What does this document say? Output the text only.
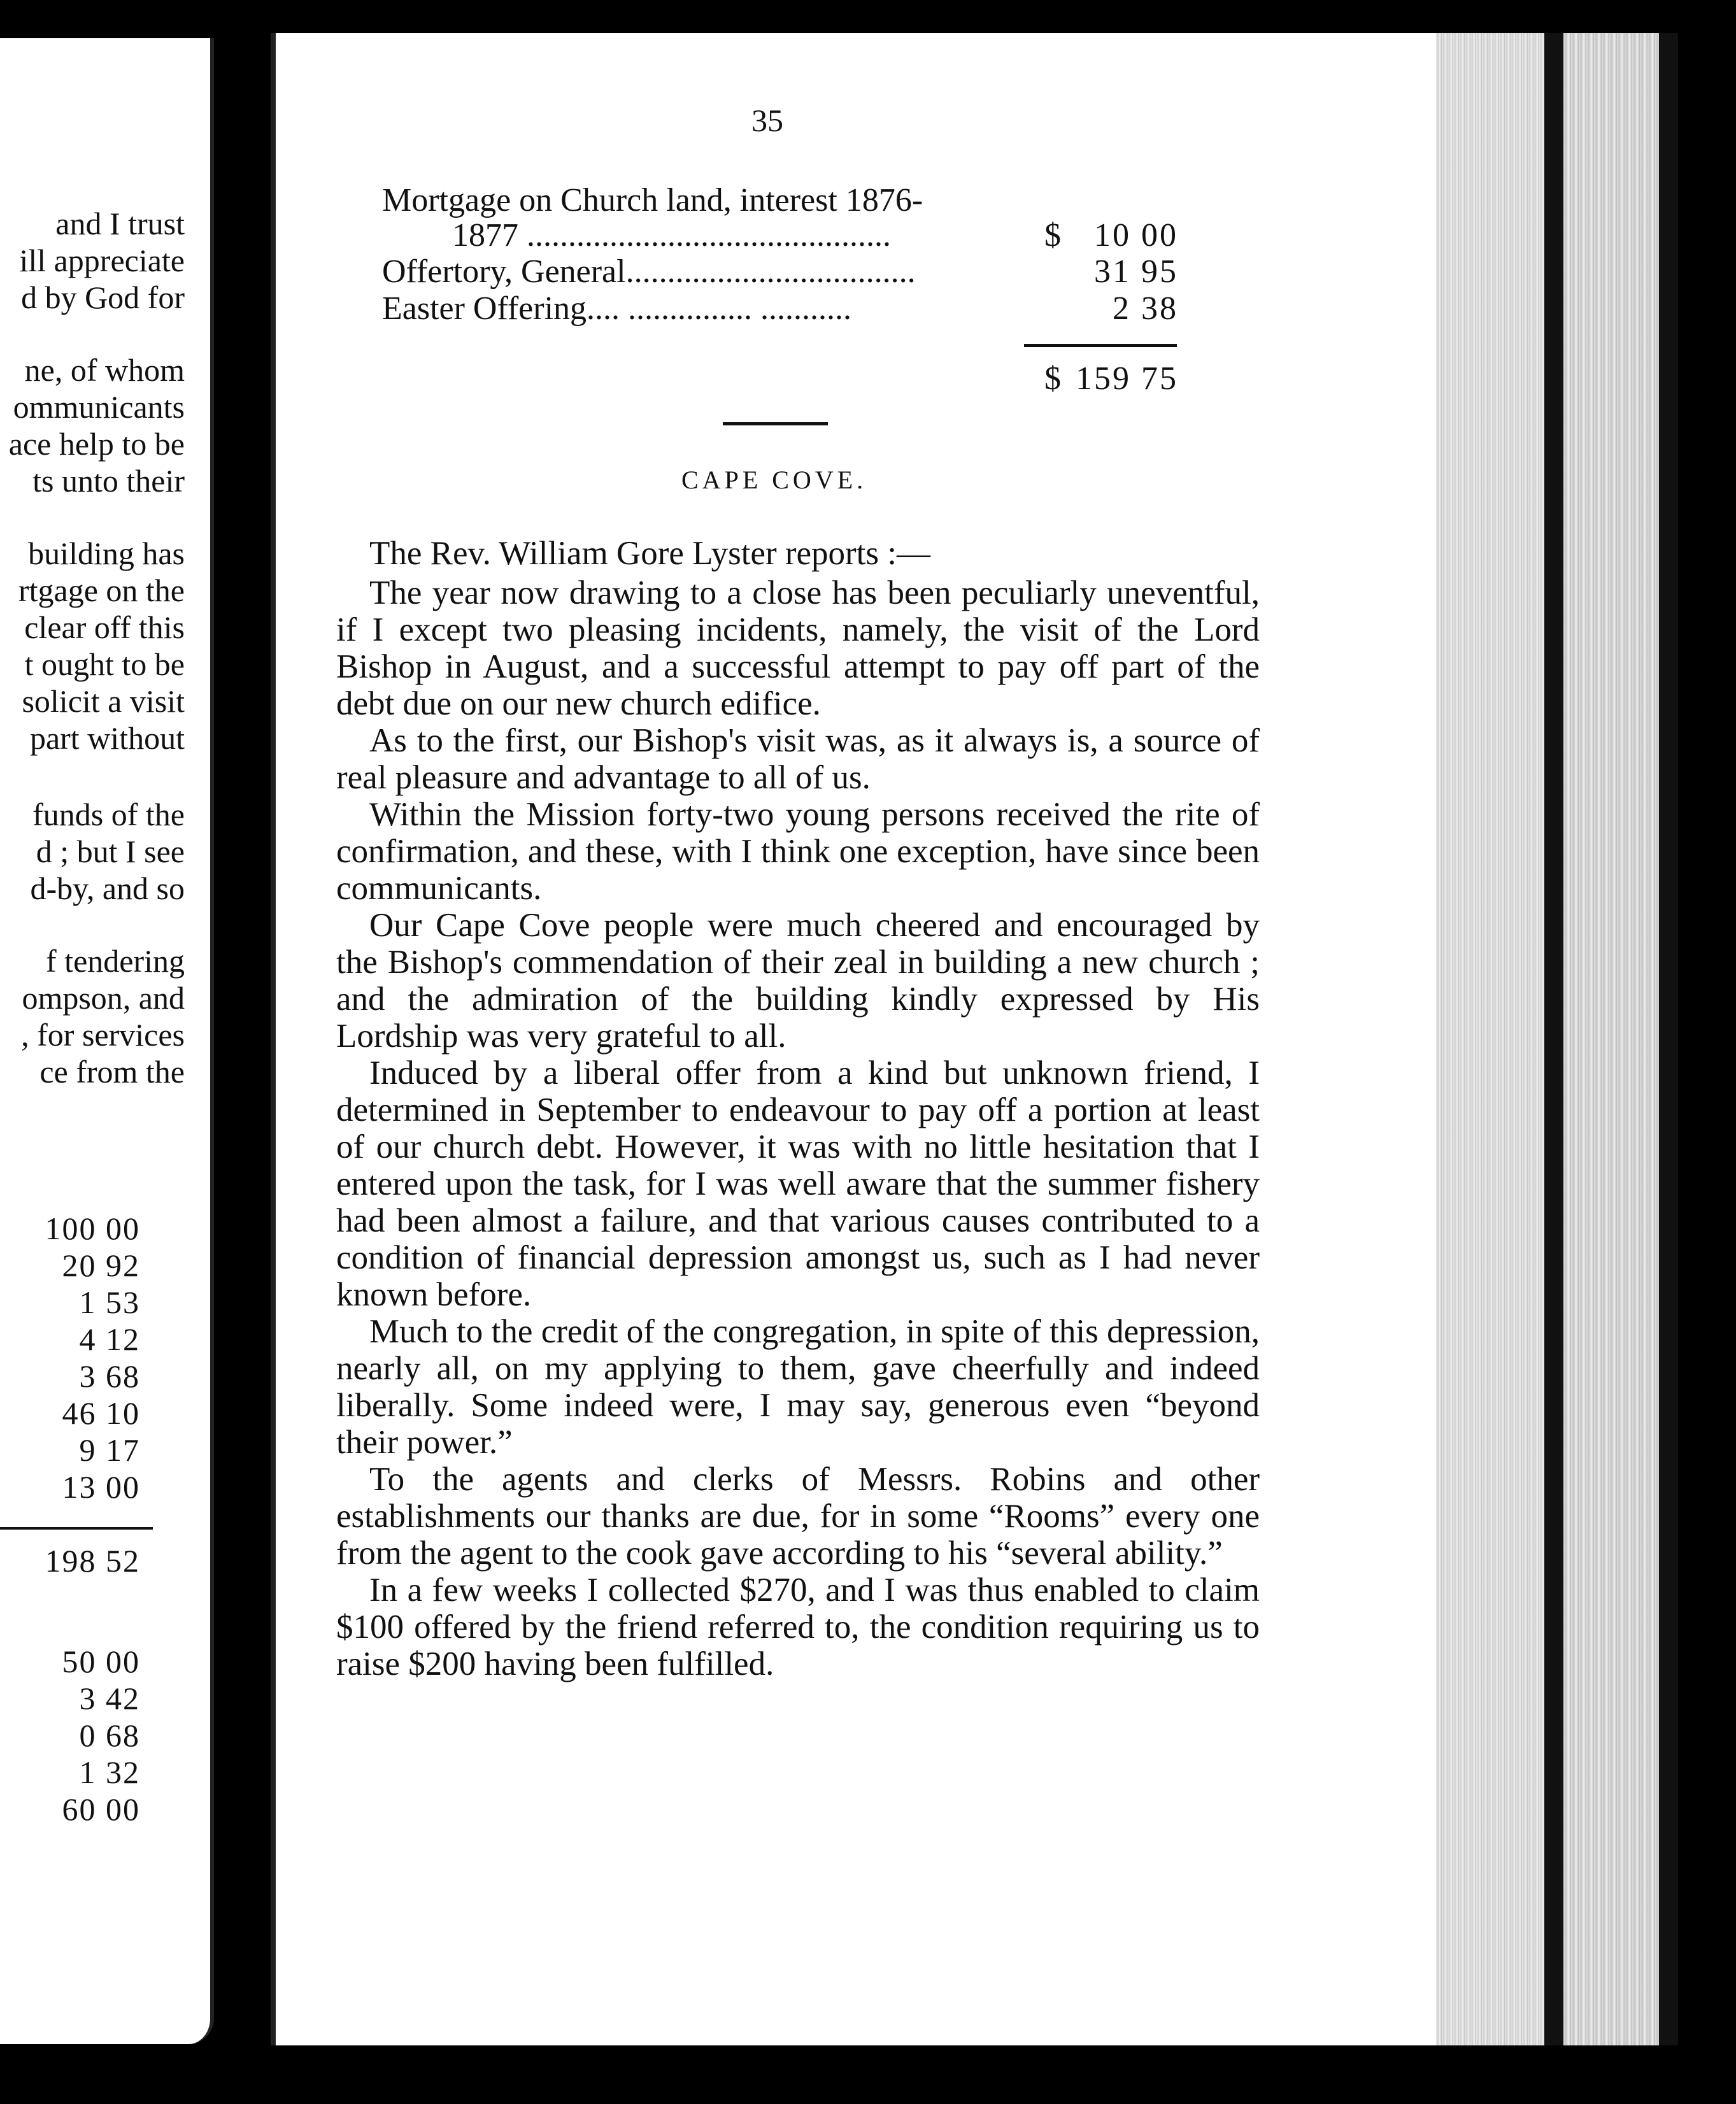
and I trust
ill appreciate
d by God for
ne, of whom
ommunicants
ace help to be
ts unto their
building has
rtgage on the
clear off this
t ought to be
solicit a visit
part without
funds of the
d ; but I see
d-by, and so
f tendering
ompson, and
, for services
ce from the
100 00
20 92
1 53
4 12
3 68
46 10
9 17
13 00
198 52
50 00
3 42
0 68
1 32
60 00
35
Mortgage on Church land, interest 1876-
1877 ............................................	$	10 00
Offertory, General...................................	31 95
Easter Offering.... ............... ...........	2 38
$ 159 75
CAPE COVE.

The Rev. William Gore Lyster reports :—

The year now drawing to a close has been peculiarly uneventful, if I except two pleasing incidents, namely, the visit of the Lord Bishop in August, and a successful attempt to pay off part of the debt due on our new church edifice.

As to the first, our Bishop's visit was, as it always is, a source of real pleasure and advantage to all of us.

Within the Mission forty-two young persons received the rite of confirmation, and these, with I think one exception, have since been communicants.

Our Cape Cove people were much cheered and encouraged by the Bishop's commendation of their zeal in building a new church ; and the admiration of the building kindly expressed by His Lordship was very grateful to all.

Induced by a liberal offer from a kind but unknown friend, I determined in September to endeavour to pay off a portion at least of our church debt. However, it was with no little hesitation that I entered upon the task, for I was well aware that the summer fishery had been almost a failure, and that various causes contributed to a condition of financial depression amongst us, such as I had never known before.

Much to the credit of the congregation, in spite of this depression, nearly all, on my applying to them, gave cheerfully and indeed liberally. Some indeed were, I may say, generous even “beyond their power.”

To the agents and clerks of Messrs. Robins and other establishments our thanks are due, for in some “Rooms” every one from the agent to the cook gave according to his “several ability.”

In a few weeks I collected $270, and I was thus enabled to claim $100 offered by the friend referred to, the condition requiring us to raise $200 having been fulfilled.
